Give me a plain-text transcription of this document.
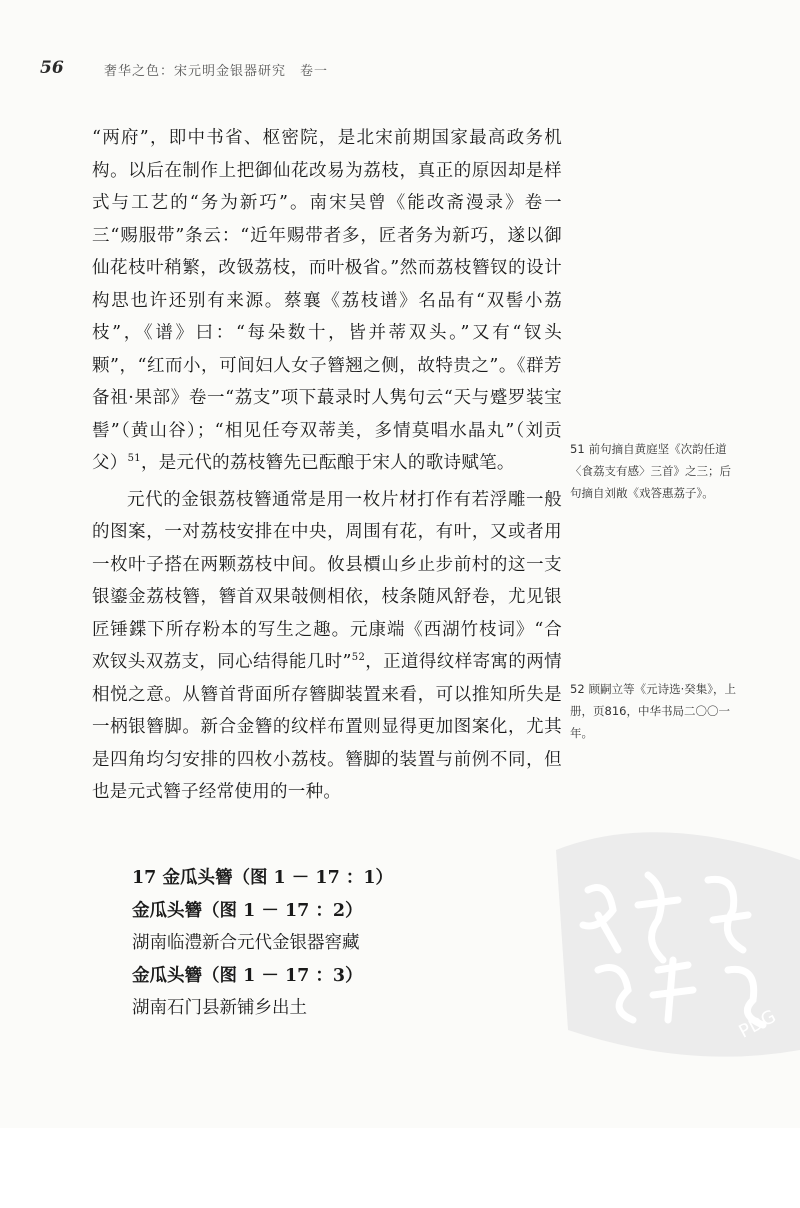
56	奢华之色：宋元明金银器研究　卷一

“两府”，即中书省、枢密院，是北宋前期国家最高政务机构。以后在制作上把御仙花改易为荔枝，真正的原因却是样式与工艺的“务为新巧”。南宋吴曾《能改斋漫录》卷一三“赐服带”条云：“近年赐带者多，匠者务为新巧，遂以御仙花枝叶稍繁，改钑荔枝，而叶极省。”然而荔枝簪钗的设计构思也许还别有来源。蔡襄《荔枝谱》名品有“双髻小荔枝”，《谱》曰：“每朵数十，皆并蒂双头。”又有“钗头颗”，“红而小，可间妇人女子簪翘之侧，故特贵之”。《群芳备祖·果部》卷一“荔支”项下蕞录时人隽句云“天与蹙罗装宝髻”（黄山谷）；“相见任夸双蒂美，多情莫唱水晶丸”（刘贡父）$^{51}$，是元代的荔枝簪先已酝酿于宋人的歌诗赋笔。

元代的金银荔枝簪通常是用一枚片材打作有若浮雕一般的图案，一对荔枝安排在中央，周围有花，有叶，又或者用一枚叶子搭在两颗荔枝中间。攸县檟山乡止步前村的这一支银鎏金荔枝簪，簪首双果攲侧相依，枝条随风舒卷，尤见银匠锤鍱下所存粉本的写生之趣。元康端《西湖竹枝词》“合欢钗头双荔支，同心结得能几时”$^{52}$，正道得纹样寄寓的两情相悦之意。从簪首背面所存簪脚装置来看，可以推知所失是一柄银簪脚。新合金簪的纹样布置则显得更加图案化，尤其是四角均匀安排的四枚小荔枝。簪脚的装置与前例不同，但也是元式簪子经常使用的一种。

51 前句摘自黄庭坚《次韵任道〈食荔支有感〉三首》之三；后句摘自刘敞《戏答惠荔子》。
52 顾嗣立等《元诗选·癸集》，上册，页816，中华书局二〇〇一年。

17 金瓜头簪（图 1 － 17 ：1）

金瓜头簪（图 1 － 17 ：2）

湖南临澧新合元代金银器窖藏

金瓜头簪（图 1 － 17 ：3）

湖南石门县新铺乡出土	PDG
